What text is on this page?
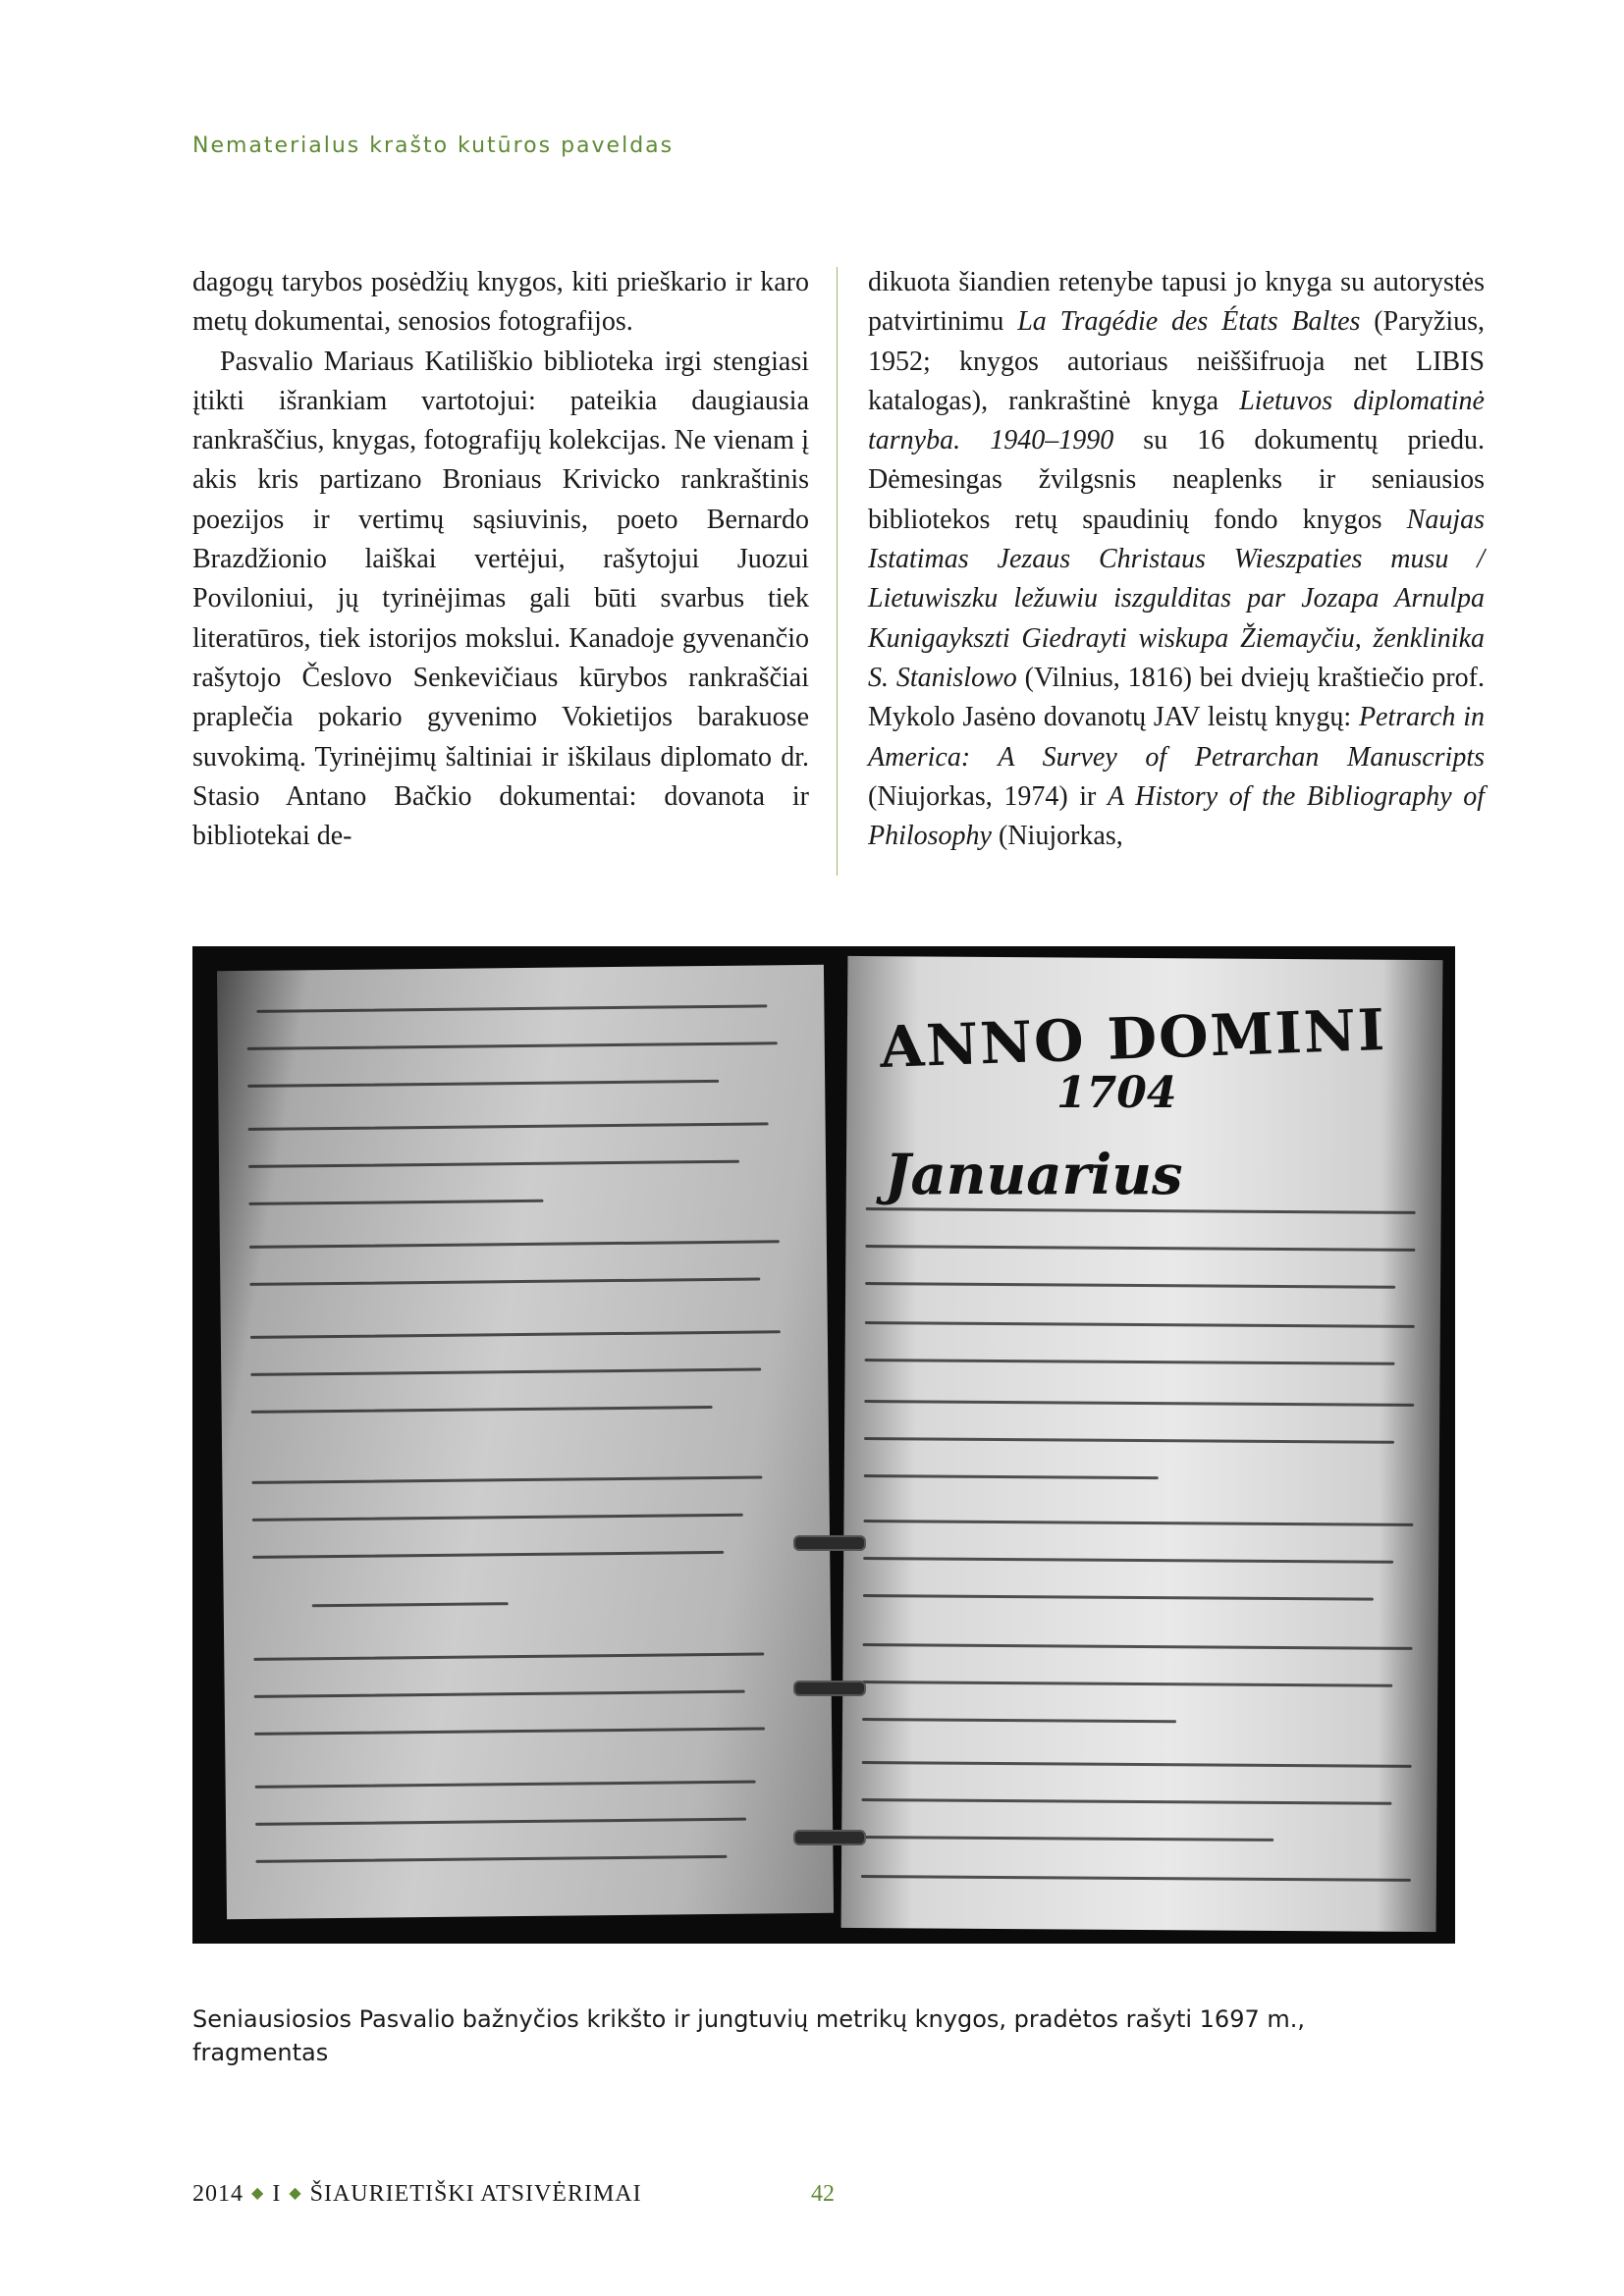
Nematerialus krašto kutūros paveldas

dagogų tarybos posėdžių knygos, kiti prieškario ir karo metų dokumentai, senosios fotografijos.

Pasvalio Mariaus Katiliškio biblioteka irgi stengiasi įtikti išrankiam vartotojui: pateikia daugiausia rankraščius, knygas, fotografijų kolekcijas. Ne vienam į akis kris partizano Broniaus Krivicko rankraštinis poezijos ir vertimų sąsiuvinis, poeto Bernardo Brazdžionio laiškai vertėjui, rašytojui Juozui Poviloniui, jų tyrinėjimas gali būti svarbus tiek literatūros, tiek istorijos mokslui. Kanadoje gyvenančio rašytojo Česlovo Senkevičiaus kūrybos rankraščiai praplečia pokario gyvenimo Vokietijos barakuose suvokimą. Tyrinėjimų šaltiniai ir iškilaus diplomato dr. Stasio Antano Bačkio dokumentai: dovanota ir bibliotekai de-

dikuota šiandien retenybe tapusi jo knyga su autorystės patvirtinimu La Tragédie des États Baltes (Paryžius, 1952; knygos autoriaus neiššifruoja net LIBIS katalogas), rankraštinė knyga Lietuvos diplomatinė tarnyba. 1940–1990 su 16 dokumentų priedu. Dėmesingas žvilgsnis neaplenks ir seniausios bibliotekos retų spaudinių fondo knygos Naujas Istatimas Jezaus Christaus Wieszpaties musu / Lietuwiszku ležuwiu iszgulditas par Jozapa Arnulpa Kunigaykszti Giedrayti wiskupa Žiemayčiu, ženklinika S. Stanislowo (Vilnius, 1816) bei dviejų kraštiečio prof. Mykolo Jasėno dovanotų JAV leistų knygų: Petrarch in America: A Survey of Petrarchan Manuscripts (Niujorkas, 1974) ir A History of the Bibliography of Philosophy (Niujorkas,

ANNO DOMINI
1704
Januarius
Seniausiosios Pasvalio bažnyčios krikšto ir jungtuvių metrikų knygos, pradėtos rašyti 1697 m., fragmentas
2014 ◆ I ◆ ŠIAURIETIŠKI ATSIVĖRIMAI	42
